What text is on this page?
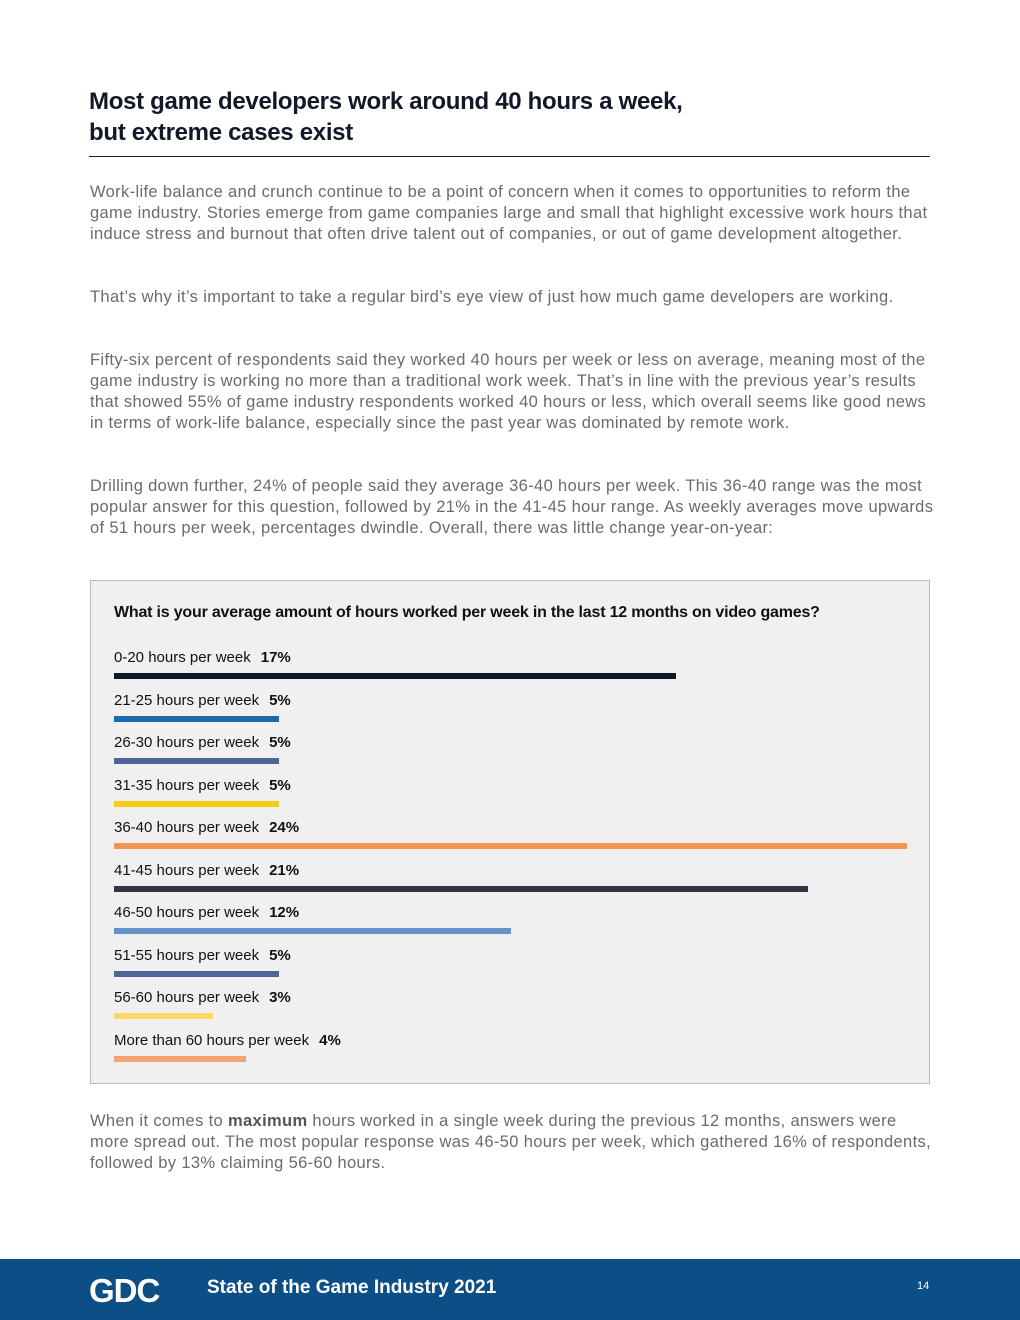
Most game developers work around 40 hours a week,
but extreme cases exist

Work-life balance and crunch continue to be a point of concern when it comes to opportunities to reform the game industry. Stories emerge from game companies large and small that highlight excessive work hours that induce stress and burnout that often drive talent out of companies, or out of game development altogether.

That’s why it’s important to take a regular bird’s eye view of just how much game developers are working.

Fifty-six percent of respondents said they worked 40 hours per week or less on average, meaning most of the game industry is working no more than a traditional work week. That’s in line with the previous year’s results that showed 55% of game industry respondents worked 40 hours or less, which overall seems like good news in terms of work-life balance, especially since the past year was dominated by remote work.

Drilling down further, 24% of people said they average 36-40 hours per week. This 36-40 range was the most popular answer for this question, followed by 21% in the 41-45 hour range. As weekly averages move upwards of 51 hours per week, percentages dwindle. Overall, there was little change year-on-year:

What is your average amount of hours worked per week in the last 12 months on video games?
0-20 hours per week 17%
21-25 hours per week 5%
26-30 hours per week 5%
31-35 hours per week 5%
36-40 hours per week 24%
41-45 hours per week 21%
46-50 hours per week 12%
51-55 hours per week 5%
56-60 hours per week 3%
More than 60 hours per week 4%

When it comes to maximum hours worked in a single week during the previous 12 months, answers were more spread out. The most popular response was 46-50 hours per week, which gathered 16% of respondents, followed by 13% claiming 56-60 hours.

GDC	State of the Game Industry 2021	14
